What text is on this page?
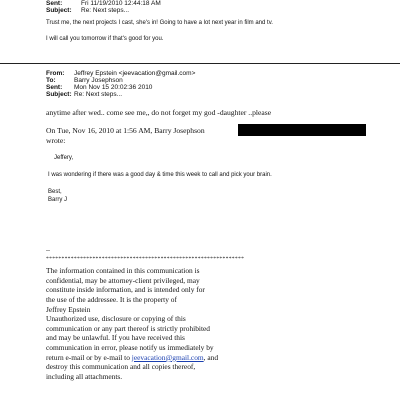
Sent:	Fri 11/19/2010 12:44:18 AM
Subject: Re: Next steps...
Trust me, the next projects I cast, she's in! Going to have a lot next year in film and tv.
I will call you tomorrow if that's good for you.
From: Jeffrey Epstein <jeevacation@gmail.com>
To:	Barry Josephson
Sent: Mon Nov 15 20:02:36 2010
Subject: Re: Next steps...
anytime after wed.. come see me,, do not forget my god -daughter ..please
On Tue, Nov 16, 2010 at 1:56 AM, Barry Josephson
wrote:
Jeffery,
I was wondering if there was a good day & time this week to call and pick your brain.
Best,
Barry J
--
****************************************************************
The information contained in this communication is
confidential, may be attorney-client privileged, may
constitute inside information, and is intended only for
the use of the addressee. It is the property of
Jeffrey Epstein
Unauthorized use, disclosure or copying of this
communication or any part thereof is strictly prohibited
and may be unlawful. If you have received this
communication in error, please notify us immediately by
return e-mail or by e-mail to jeevacation@gmail.com, and
destroy this communication and all copies thereof,
including all attachments.
